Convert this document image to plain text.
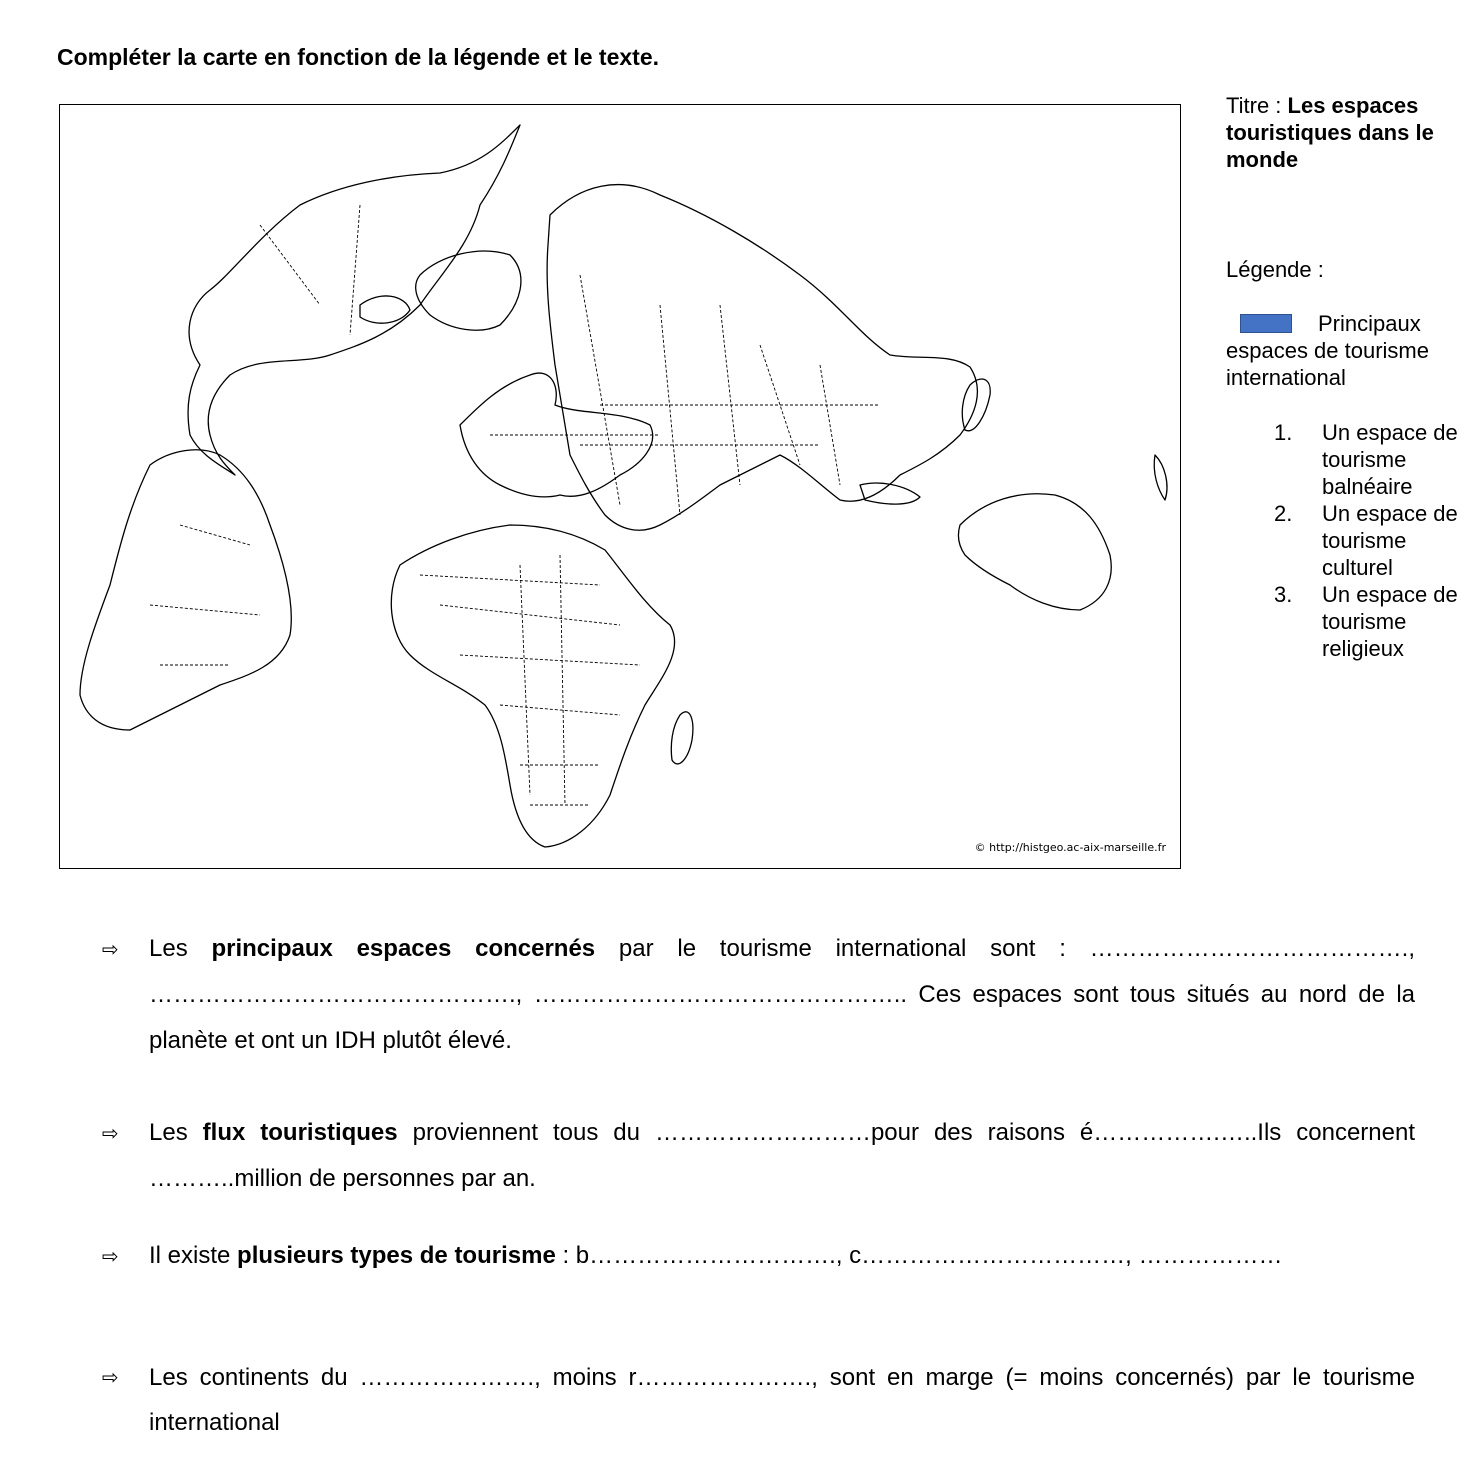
Compléter la carte en fonction de la légende et le texte.

© http://histgeo.ac-aix-marseille.fr

Titre : Les espaces touristiques dans le monde

Légende :

Principaux espaces de tourisme international
1. Un espace de tourisme balnéaire
2. Un espace de tourisme culturel
3. Un espace de tourisme religieux

⇨ Les principaux espaces concernés par le tourisme international sont : …………………………………., ………………………………………., ……………………………………….. Ces espaces sont tous situés au nord de la planète et ont un IDH plutôt élevé.

⇨ Les flux touristiques proviennent tous du ………………………pour des raisons é…………….…..Ils concernent ………..million de personnes par an.

⇨ Il existe plusieurs types de tourisme : b…………………………., c……………………………, ………………

⇨ Les continents du …………………., moins r…………………., sont en marge (= moins concernés) par le tourisme international
